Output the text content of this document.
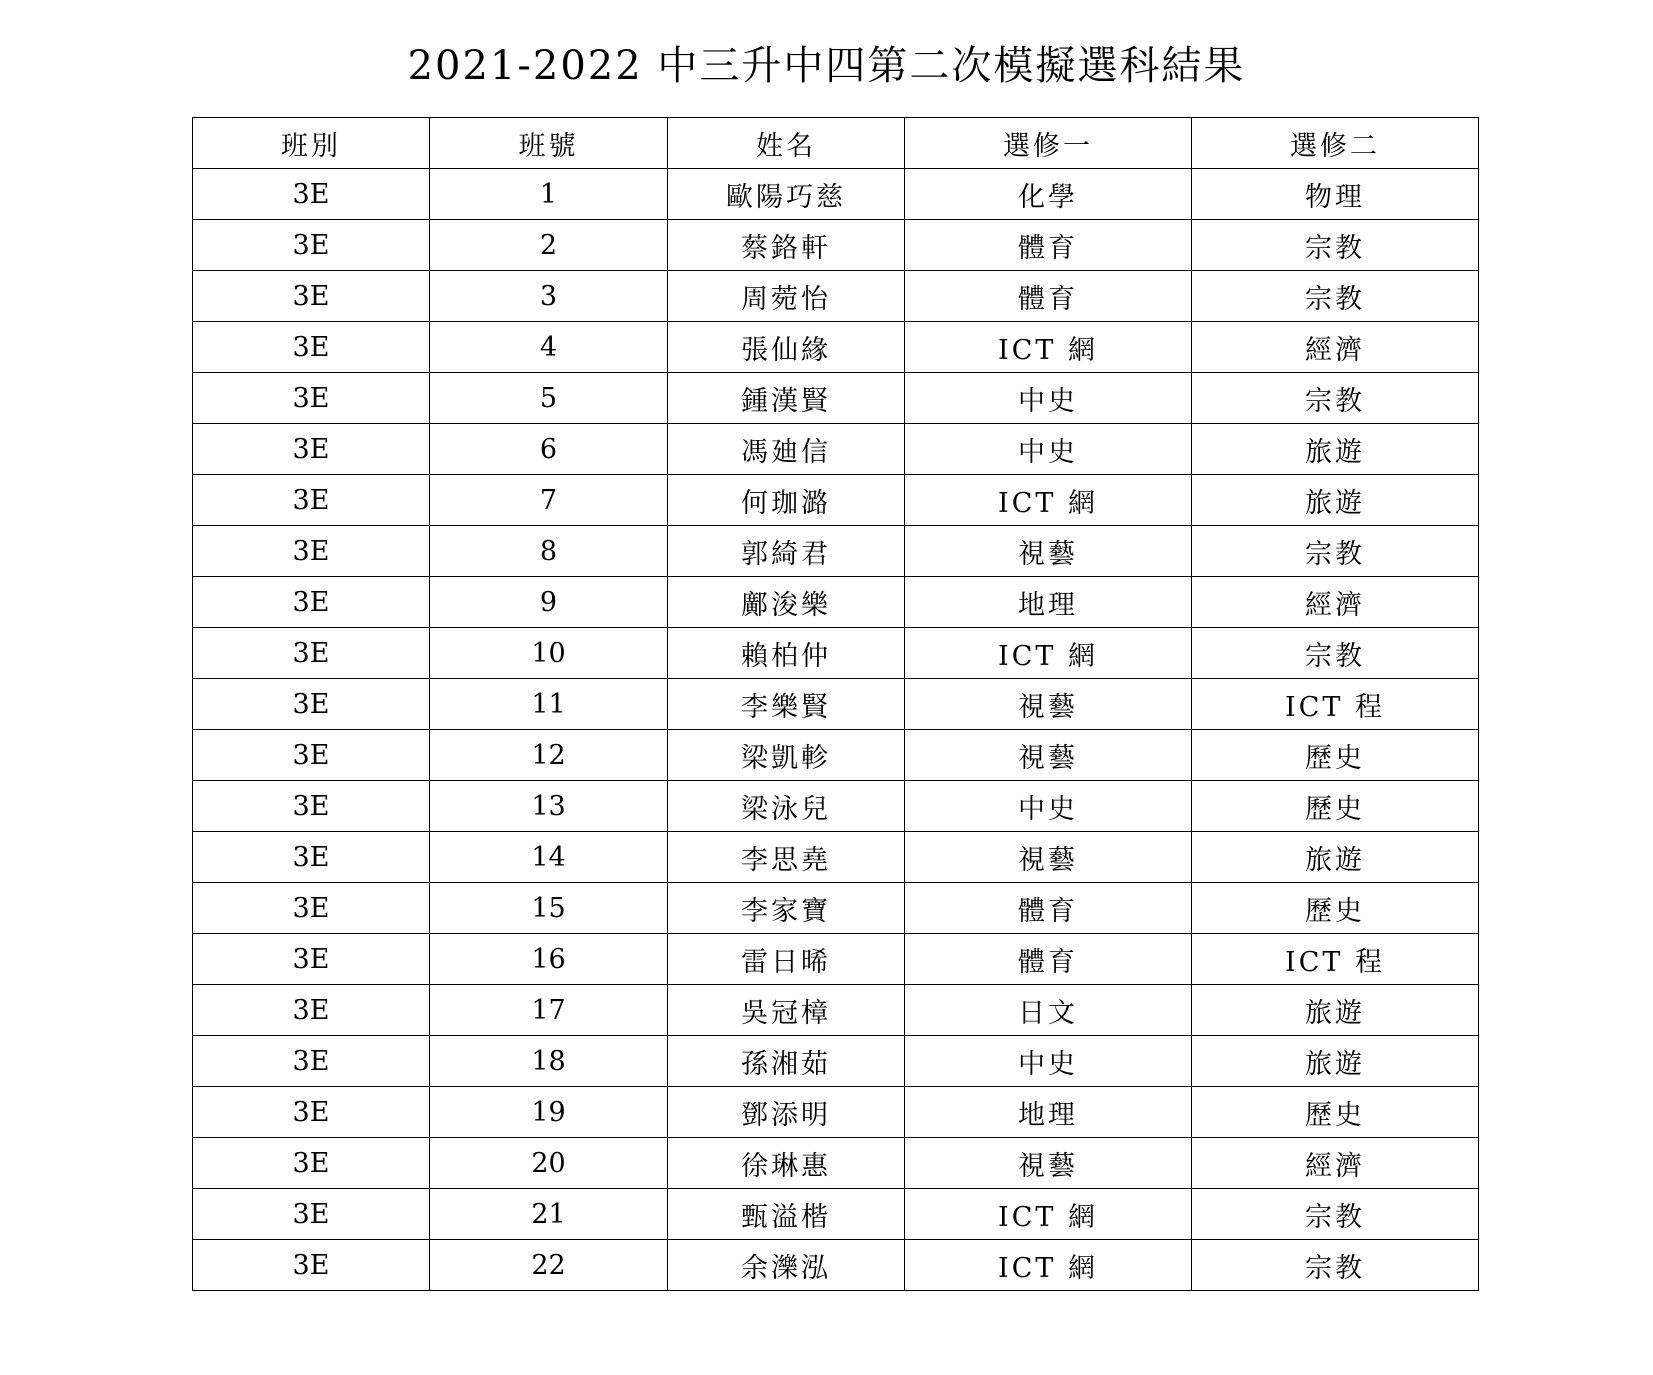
2021-2022 中三升中四第二次模擬選科結果
班別	班號	姓名	選修一	選修二
3E	1	歐陽巧慈	化學	物理
3E	2	蔡鉻軒	體育	宗教
3E	3	周菀怡	體育	宗教
3E	4	張仙緣	ICT 網	經濟
3E	5	鍾漢賢	中史	宗教
3E	6	馮廸信	中史	旅遊
3E	7	何珈潞	ICT 網	旅遊
3E	8	郭綺君	視藝	宗教
3E	9	鄺浚樂	地理	經濟
3E	10	賴柏仲	ICT 網	宗教
3E	11	李樂賢	視藝	ICT 程
3E	12	梁凱軫	視藝	歷史
3E	13	梁泳兒	中史	歷史
3E	14	李思堯	視藝	旅遊
3E	15	李家寶	體育	歷史
3E	16	雷日晞	體育	ICT 程
3E	17	吳冠樟	日文	旅遊
3E	18	孫湘茹	中史	旅遊
3E	19	鄧添明	地理	歷史
3E	20	徐琳惠	視藝	經濟
3E	21	甄溢楷	ICT 網	宗教
3E	22	余濼泓	ICT 網	宗教
